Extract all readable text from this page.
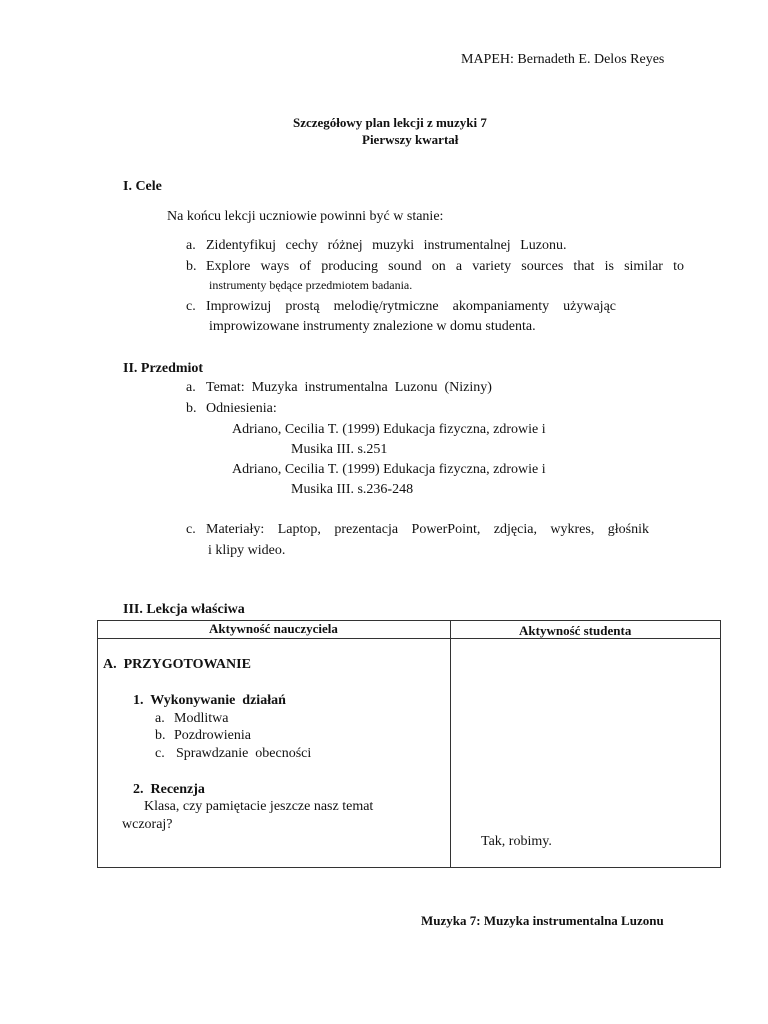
MAPEH: Bernadeth E. Delos Reyes
Szczegółowy plan lekcji z muzyki 7
Pierwszy kwartał
I. Cele
Na końcu lekcji uczniowie powinni być w stanie:
a. Zidentyfikuj cechy różnej muzyki instrumentalnej Luzonu.
b. Explore ways of producing sound on a variety sources that is similar to
instrumenty będące przedmiotem badania.
c. Improwizuj prostą melodię/rytmiczne akompaniamenty używając
improwizowane instrumenty znalezione w domu studenta.
II. Przedmiot
a. Temat:  Muzyka  instrumentalna  Luzonu  (Niziny)
b. Odniesienia:
Adriano, Cecilia T. (1999) Edukacja fizyczna, zdrowie i
Musika III. s.251
Adriano, Cecilia T. (1999) Edukacja fizyczna, zdrowie i
Musika III. s.236-248
c. Materiały: Laptop, prezentacja PowerPoint, zdjęcia, wykres, głośnik
i klipy wideo.
III. Lekcja właściwa
Aktywność nauczyciela	Aktywność studenta
A.  PRZYGOTOWANIE
1.  Wykonywanie  działań
a. Modlitwa
b. Pozdrowienia
c. Sprawdzanie  obecności
2.  Recenzja
Klasa, czy pamiętacie jeszcze nasz temat
wczoraj?
Tak, robimy.
Muzyka 7: Muzyka instrumentalna Luzonu
